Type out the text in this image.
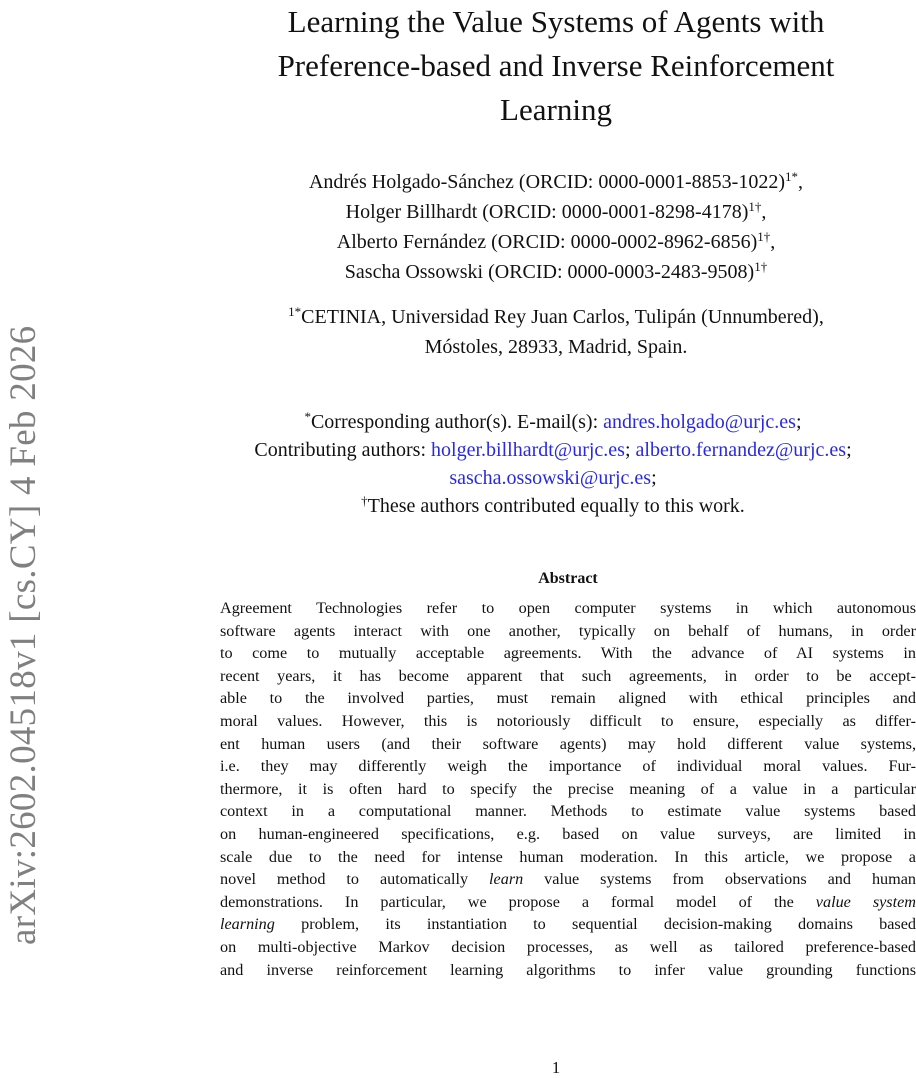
arXiv:2602.04518v1 [cs.CY] 4 Feb 2026
Learning the Value Systems of Agents with
Preference-based and Inverse Reinforcement
Learning
Andrés Holgado-Sánchez (ORCID: 0000-0001-8853-1022)$^{1*}$,
Holger Billhardt (ORCID: 0000-0001-8298-4178)$^{1\dagger}$,
Alberto Fernández (ORCID: 0000-0002-8962-6856)$^{1\dagger}$,
Sascha Ossowski (ORCID: 0000-0003-2483-9508)$^{1\dagger}$
$^{1*}$CETINIA, Universidad Rey Juan Carlos, Tulipán (Unnumbered),
Móstoles, 28933, Madrid, Spain.
*Corresponding author(s). E-mail(s): andres.holgado@urjc.es;
Contributing authors: holger.billhardt@urjc.es; alberto.fernandez@urjc.es;
sascha.ossowski@urjc.es;
†These authors contributed equally to this work.
Abstract
Agreement Technologies refer to open computer systems in which autonomous
software agents interact with one another, typically on behalf of humans, in order
to come to mutually acceptable agreements. With the advance of AI systems in
recent years, it has become apparent that such agreements, in order to be accept-
able to the involved parties, must remain aligned with ethical principles and
moral values. However, this is notoriously difficult to ensure, especially as differ-
ent human users (and their software agents) may hold different value systems,
i.e. they may differently weigh the importance of individual moral values. Fur-
thermore, it is often hard to specify the precise meaning of a value in a particular
context in a computational manner. Methods to estimate value systems based
on human-engineered specifications, e.g. based on value surveys, are limited in
scale due to the need for intense human moderation. In this article, we propose a
novel method to automatically learn value systems from observations and human
demonstrations. In particular, we propose a formal model of the value system
learning problem, its instantiation to sequential decision-making domains based
on multi-objective Markov decision processes, as well as tailored preference-based
and inverse reinforcement learning algorithms to infer value grounding functions
1
